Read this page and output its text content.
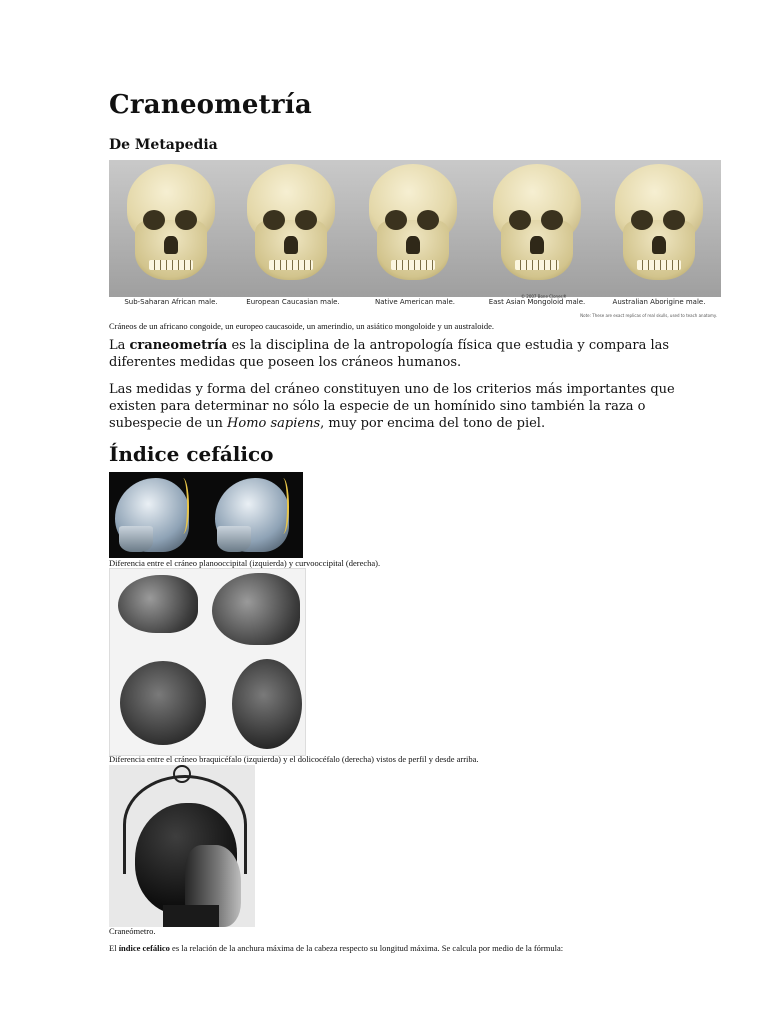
Craneometría

De Metapedia

Sub-Saharan African male.	European Caucasian male.	Native American male.	East Asian Mongoloid male.	Australian Aborigine male.
© 2007 Bone Clones®
Note: These are exact replicas of real skulls, used to teach anatomy.
Cráneos de un africano congoide, un europeo caucasoide, un amerindio, un asiático mongoloide y un australoide.

La craneometría es la disciplina de la antropología física que estudia y compara las diferentes medidas que poseen los cráneos humanos.

Las medidas y forma del cráneo constituyen uno de los criterios más importantes que existen para determinar no sólo la especie de un homínido sino también la raza o subespecie de un Homo sapiens, muy por encima del tono de piel.

Índice cefálico
Diferencia entre el cráneo planooccipital (izquierda) y curvooccipital (derecha).
Diferencia entre el cráneo braquicéfalo (izquierda) y el dolicocéfalo (derecha) vistos de perfil y desde arriba.
Craneómetro.
El índice cefálico es la relación de la anchura máxima de la cabeza respecto su longitud máxima. Se calcula por medio de la fórmula:
